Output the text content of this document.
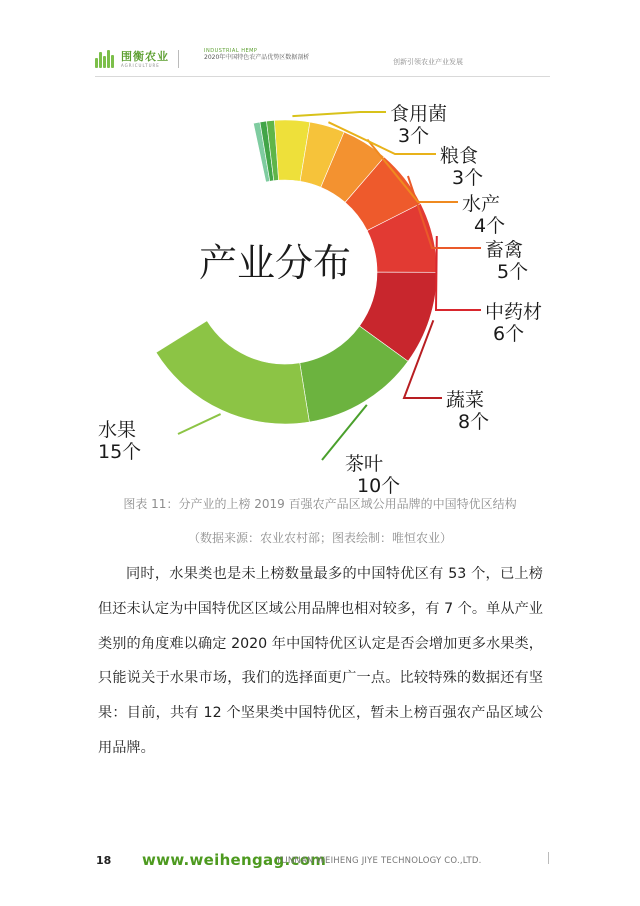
围衡农业
AGRICULTURE
INDUSTRIAL HEMP
2020年中国特色农产品优势区数据剖析
创新引领农业产业发展
水果
15个
茶叶
10个
蔬菜
8个
中药材
6个
畜禽
5个
水产
4个
粮食
3个
食用菌
3个
产业分布
图表 11：分产业的上榜 2019 百强农产品区域公用品牌的中国特优区结构
（数据来源：农业农村部；图表绘制：唯恒农业）
同时，水果类也是未上榜数量最多的中国特优区有 53 个，已上榜但还未认定为中国特优区区域公用品牌也相对较多，有 7 个。单从产业类别的角度难以确定 2020 年中国特优区认定是否会增加更多水果类，只能说关于水果市场，我们的选择面更广一点。比较特殊的数据还有坚果：目前，共有 12 个坚果类中国特优区，暂未上榜百强农产品区域公用品牌。
18 www.weihengag.com
YUNNAN WEIHENG JIYE TECHNOLOGY CO.,LTD.
